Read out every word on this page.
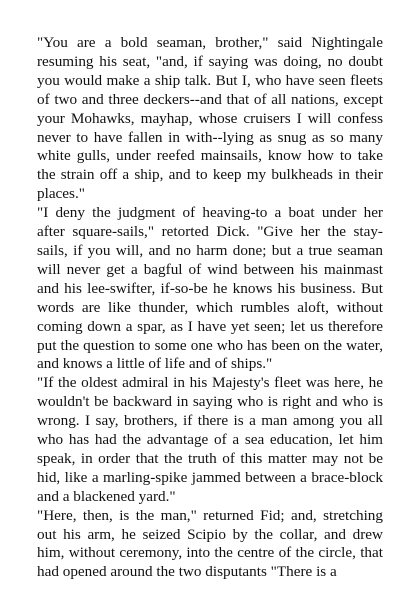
"You are a bold seaman, brother," said Nightingale resuming his seat, "and, if saying was doing, no doubt you would make a ship talk. But I, who have seen fleets of two and three deckers--and that of all nations, except your Mohawks, mayhap, whose cruisers I will confess never to have fallen in with--lying as snug as so many white gulls, under reefed mainsails, know how to take the strain off a ship, and to keep my bulkheads in their places."

"I deny the judgment of heaving-to a boat under her after square-sails," retorted Dick. "Give her the stay-sails, if you will, and no harm done; but a true seaman will never get a bagful of wind between his mainmast and his lee-swifter, if-so-be he knows his business. But words are like thunder, which rumbles aloft, without coming down a spar, as I have yet seen; let us therefore put the question to some one who has been on the water, and knows a little of life and of ships."

"If the oldest admiral in his Majesty's fleet was here, he wouldn't be backward in saying who is right and who is wrong. I say, brothers, if there is a man among you all who has had the advantage of a sea education, let him speak, in order that the truth of this matter may not be hid, like a marling-spike jammed between a brace-block and a blackened yard."

"Here, then, is the man," returned Fid; and, stretching out his arm, he seized Scipio by the collar, and drew him, without ceremony, into the centre of the circle, that had opened around the two disputants "There is a
